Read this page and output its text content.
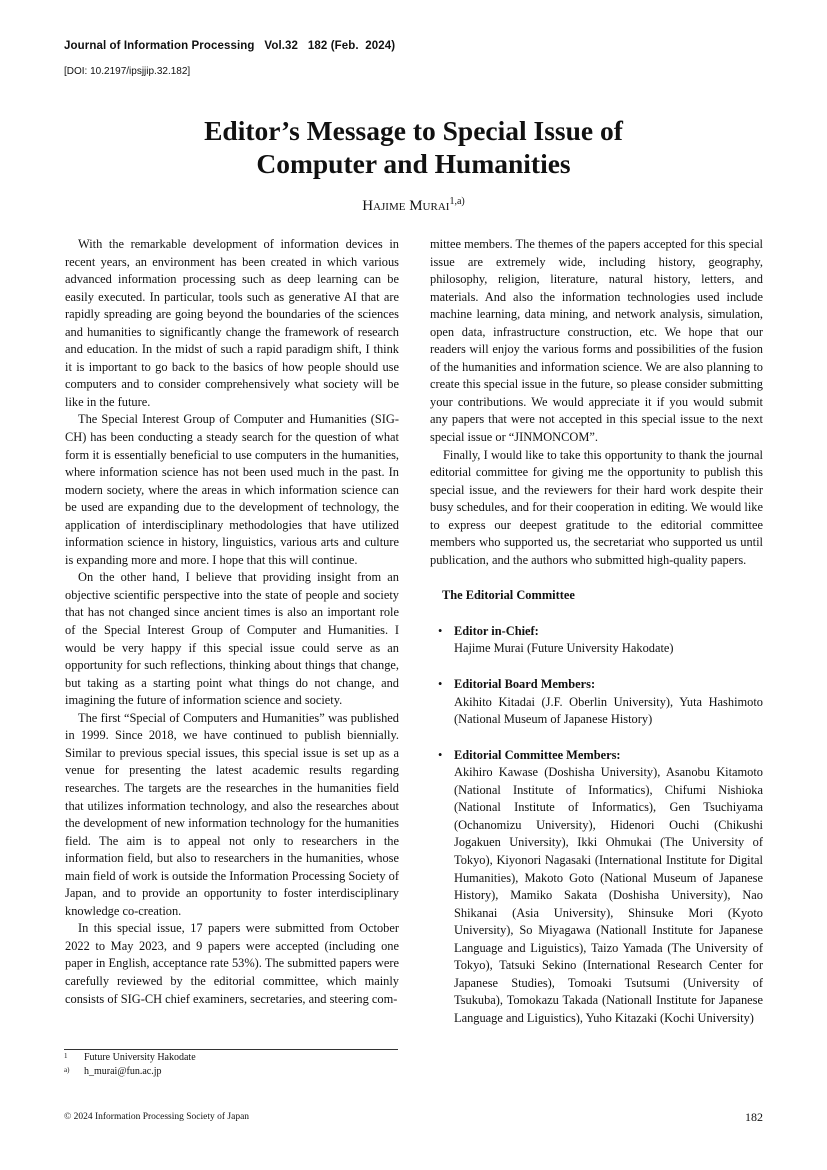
Journal of Information Processing   Vol.32   182 (Feb.  2024)
[DOI: 10.2197/ipsjjip.32.182]
Editor’s Message to Special Issue of
Computer and Humanities
Hajime Murai$^{1,a)}$

With the remarkable development of information devices in recent years, an environment has been created in which various advanced information processing such as deep learning can be easily executed. In particular, tools such as generative AI that are rapidly spreading are going beyond the boundaries of the sciences and humanities to significantly change the framework of research and education. In the midst of such a rapid paradigm shift, I think it is important to go back to the basics of how people should use computers and to consider comprehensively what society will be like in the future.

The Special Interest Group of Computer and Humanities (SIG-CH) has been conducting a steady search for the question of what form it is essentially beneficial to use computers in the humanities, where information science has not been used much in the past. In modern society, where the areas in which information science can be used are expanding due to the development of technology, the application of interdisciplinary methodologies that have utilized information science in history, linguistics, various arts and culture is expanding more and more. I hope that this will continue.

On the other hand, I believe that providing insight from an objective scientific perspective into the state of people and society that has not changed since ancient times is also an important role of the Special Interest Group of Computer and Humanities. I would be very happy if this special issue could serve as an opportunity for such reflections, thinking about things that change, but taking as a starting point what things do not change, and imagining the future of information science and society.

The first “Special of Computers and Humanities” was published in 1999. Since 2018, we have continued to publish biennially. Similar to previous special issues, this special issue is set up as a venue for presenting the latest academic results regarding researches. The targets are the researches in the humanities field that utilizes information technology, and also the researches about the development of new information technology for the humanities field. The aim is to appeal not only to researchers in the information field, but also to researchers in the humanities, whose main field of work is outside the Information Processing Society of Japan, and to provide an opportunity to foster interdisciplinary knowledge co-creation.

In this special issue, 17 papers were submitted from October 2022 to May 2023, and 9 papers were accepted (including one paper in English, acceptance rate 53%). The submitted papers were carefully reviewed by the editorial committee, which mainly consists of SIG-CH chief examiners, secretaries, and steering com-

mittee members. The themes of the papers accepted for this special issue are extremely wide, including history, geography, philosophy, religion, literature, natural history, letters, and materials. And also the information technologies used include machine learning, data mining, and network analysis, simulation, open data, infrastructure construction, etc. We hope that our readers will enjoy the various forms and possibilities of the fusion of the humanities and information science. We are also planning to create this special issue in the future, so please consider submitting your contributions. We would appreciate it if you would submit any papers that were not accepted in this special issue to the next special issue or “JINMONCOM”.

Finally, I would like to take this opportunity to thank the journal editorial committee for giving me the opportunity to publish this special issue, and the reviewers for their hard work despite their busy schedules, and for their cooperation in editing. We would like to express our deepest gratitude to the editorial committee members who supported us, the secretariat who supported us until publication, and the authors who submitted high-quality papers.

The Editorial Committee
• Editor in-Chief:
Hajime Murai (Future University Hakodate)
• Editorial Board Members:
Akihito Kitadai (J.F. Oberlin University), Yuta Hashimoto (National Museum of Japanese History)
• Editorial Committee Members:
Akihiro Kawase (Doshisha University), Asanobu Kitamoto (National Institute of Informatics), Chifumi Nishioka (National Institute of Informatics), Gen Tsuchiyama (Ochanomizu University), Hidenori Ouchi (Chikushi Jogakuen University), Ikki Ohmukai (The University of Tokyo), Kiyonori Nagasaki (International Institute for Digital Humanities), Makoto Goto (National Museum of Japanese History), Mamiko Sakata (Doshisha University), Nao Shikanai (Asia University), Shinsuke Mori (Kyoto University), So Miyagawa (Nationall Institute for Japanese Language and Liguistics), Taizo Yamada (The University of Tokyo), Tatsuki Sekino (International Research Center for Japanese Studies), Tomoaki Tsutsumi (University of Tsukuba), Tomokazu Takada (Nationall Institute for Japanese Language and Liguistics), Yuho Kitazaki (Kochi University)
1 Future University Hakodate
a) h_murai@fun.ac.jp
© 2024 Information Processing Society of Japan	182
